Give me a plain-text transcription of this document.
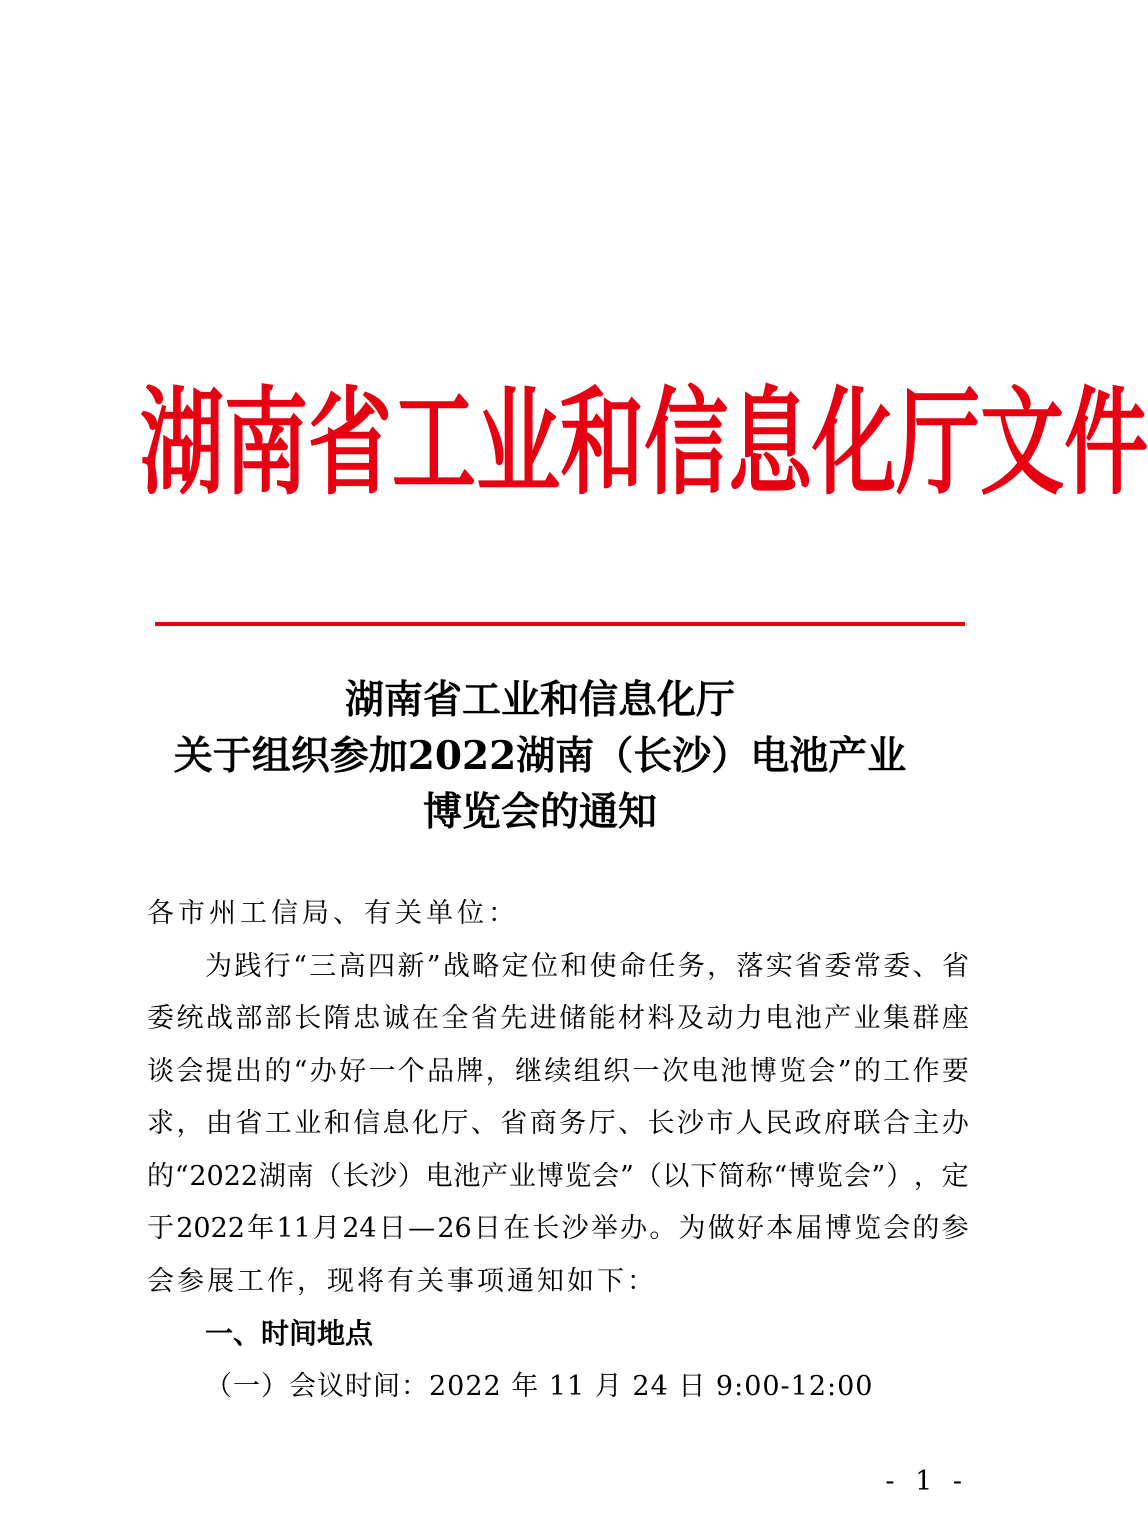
湖 南 省 工 业 和 信 息 化 厅 文 件
湖南省工业和信息化厅
关于组织参加2022湖南（长沙）电池产业
博览会的通知
各市州工信局、有关单位：
为 践 行 “ 三 高 四 新 ” 战 略 定 位 和 使 命 任 务 ， 落 实 省 委 常 委 、 省
委 统 战 部 部 长 隋 忠 诚 在 全 省 先 进 储 能 材 料 及 动 力 电 池 产 业 集 群 座
谈 会 提 出 的 “ 办 好 一 个 品 牌 ， 继 续 组 织 一 次 电 池 博 览 会 ” 的 工 作 要
求 ， 由 省 工 业 和 信 息 化 厅 、 省 商 务 厅 、 长 沙 市 人 民 政 府 联 合 主 办
的 “ 2022 湖 南 （ 长 沙 ） 电 池 产 业 博 览 会 ” （ 以 下 简 称 “ 博 览 会 ” ） ， 定
于 2022 年 11 月 24 日 — 26 日 在 长 沙 举 办 。 为 做 好 本 届 博 览 会 的 参
会参展工作，现将有关事项通知如下：
一、时间地点
（一）会议时间：2022 年 11 月 24 日 9:00-12:00
- 1 -
